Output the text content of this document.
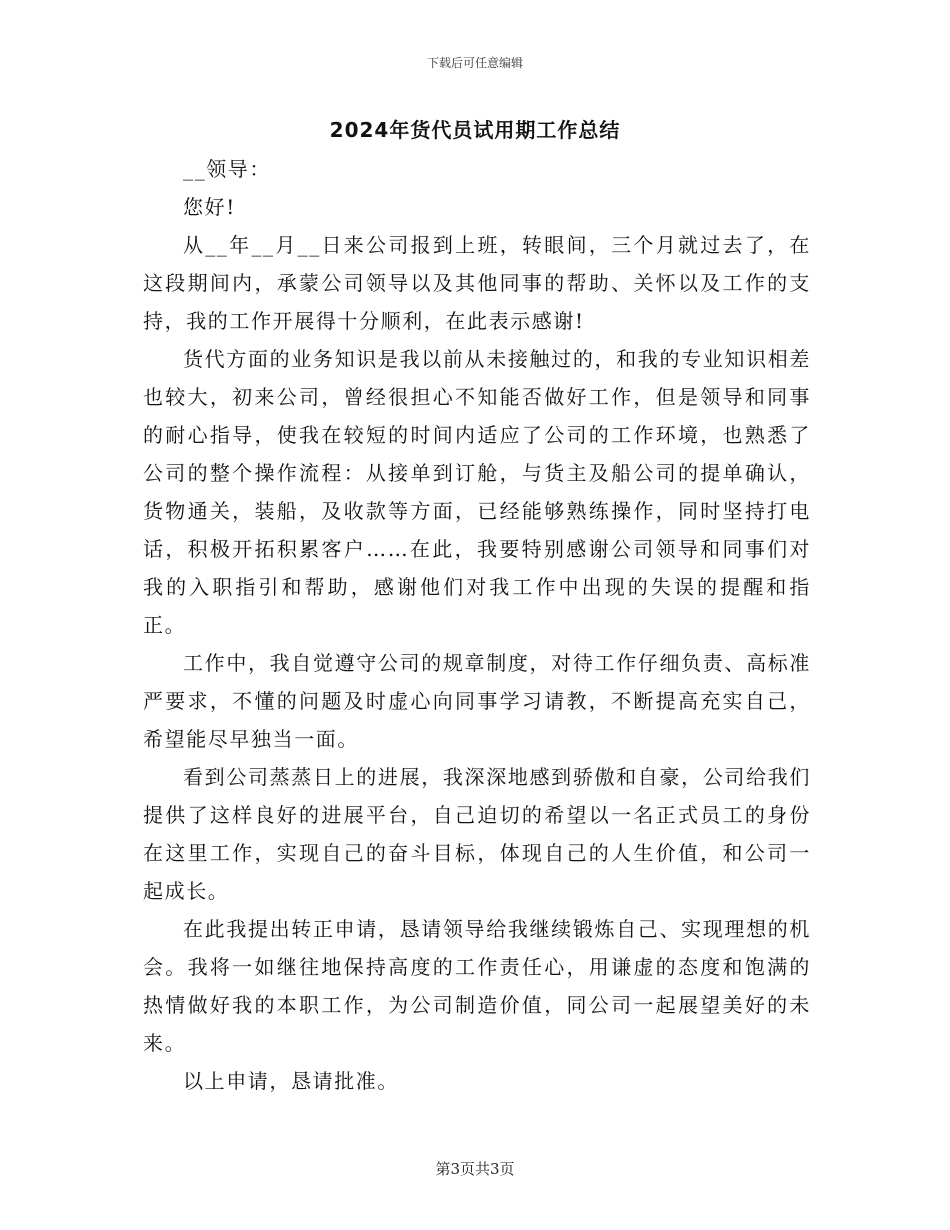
下载后可任意编辑
2024年货代员试用期工作总结

__领导：

您好!

从__年__月__日来公司报到上班，转眼间，三个月就过去了，在这段期间内，承蒙公司领导以及其他同事的帮助、关怀以及工作的支持，我的工作开展得十分顺利，在此表示感谢!

货代方面的业务知识是我以前从未接触过的，和我的专业知识相差也较大，初来公司，曾经很担心不知能否做好工作，但是领导和同事的耐心指导，使我在较短的时间内适应了公司的工作环境，也熟悉了公司的整个操作流程：从接单到订舱，与货主及船公司的提单确认，货物通关，装船，及收款等方面，已经能够熟练操作，同时坚持打电话，积极开拓积累客户……在此，我要特别感谢公司领导和同事们对我的入职指引和帮助，感谢他们对我工作中出现的失误的提醒和指正。

工作中，我自觉遵守公司的规章制度，对待工作仔细负责、高标准严要求，不懂的问题及时虚心向同事学习请教，不断提高充实自己，希望能尽早独当一面。

看到公司蒸蒸日上的进展，我深深地感到骄傲和自豪，公司给我们提供了这样良好的进展平台，自己迫切的希望以一名正式员工的身份在这里工作，实现自己的奋斗目标，体现自己的人生价值，和公司一起成长。

在此我提出转正申请，恳请领导给我继续锻炼自己、实现理想的机会。我将一如继往地保持高度的工作责任心，用谦虚的态度和饱满的热情做好我的本职工作，为公司制造价值，同公司一起展望美好的未来。

以上申请，恳请批准。

第3页共3页
